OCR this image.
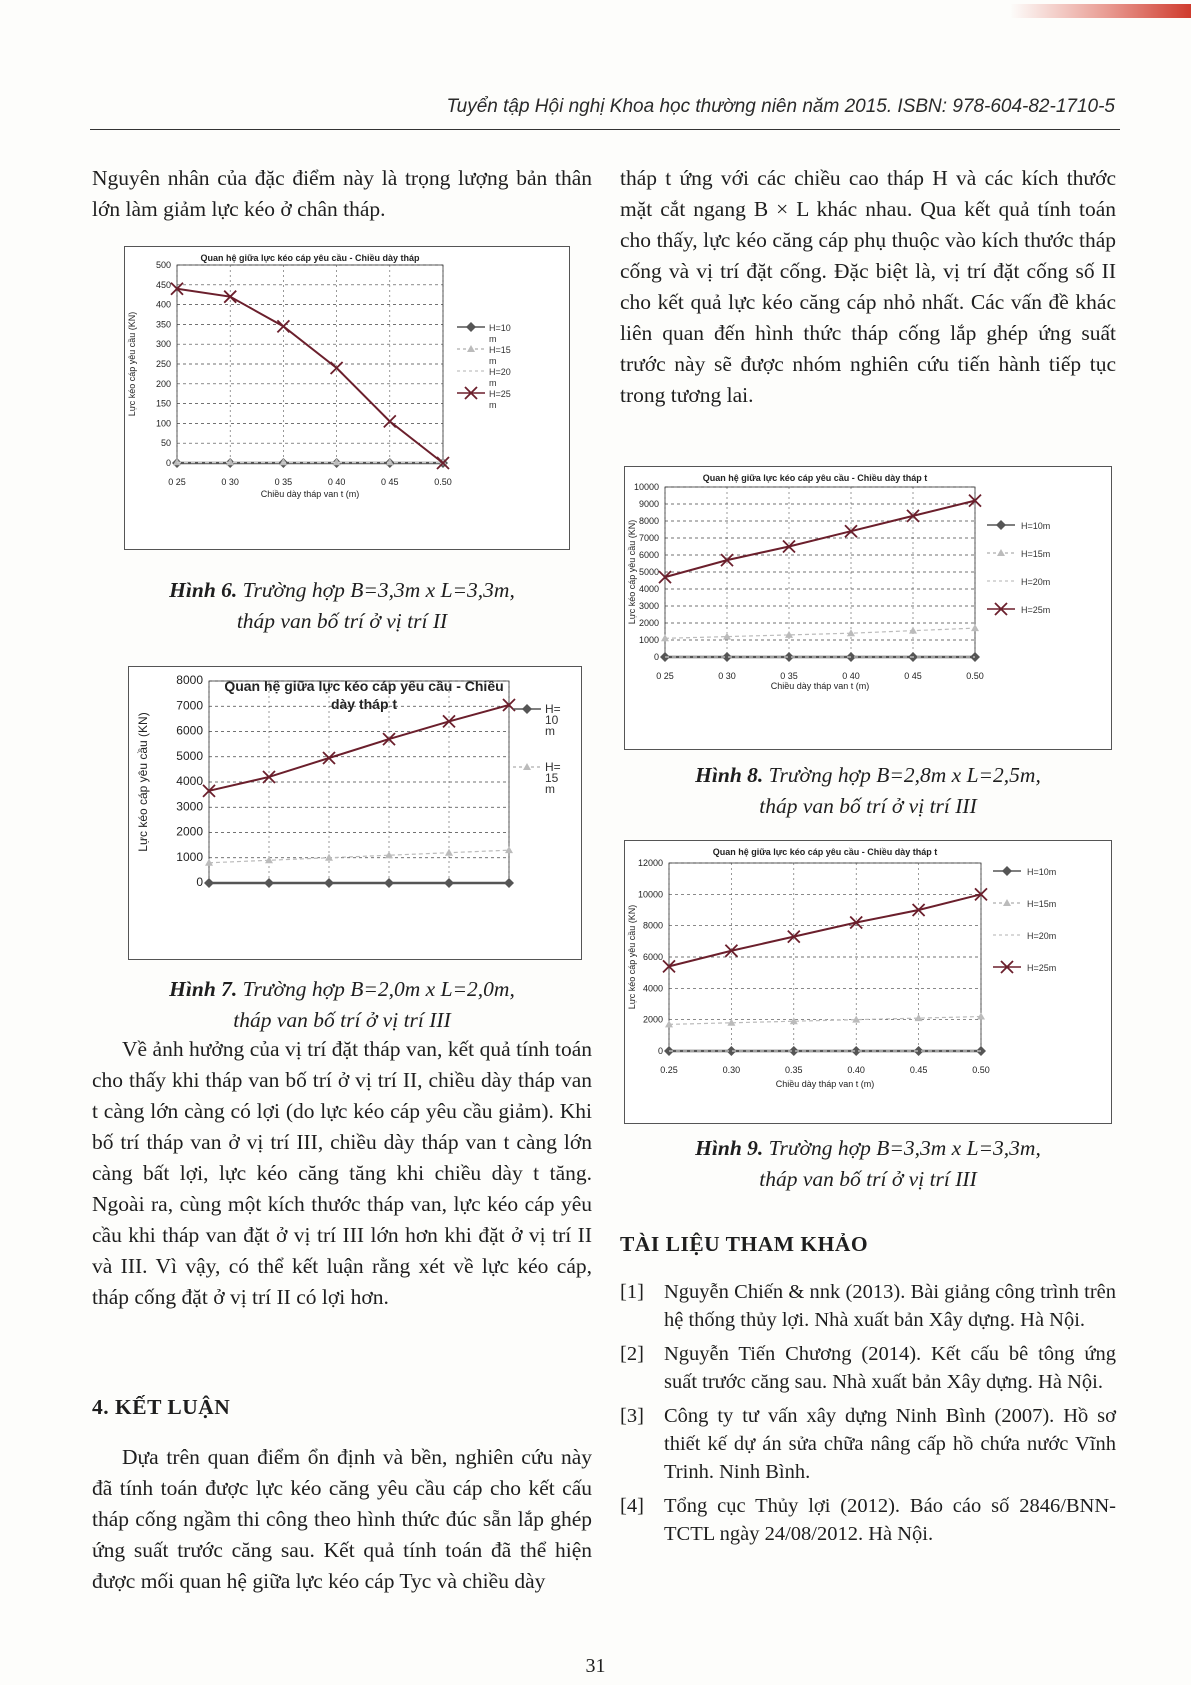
Tuyển tập Hội nghị Khoa học thường niên năm 2015. ISBN: 978-604-82-1710-5

Nguyên nhân của đặc điểm này là trọng lượng bản thân lớn làm giảm lực kéo ở chân tháp.

Quan hệ giữa lực kéo cáp yêu cầu - Chiều dày tháp
0
50
100
150
200
250
300
350
400
450
500
0 25	0 30	0 35	0 40	0 45	0.50
Chiều dày tháp van t (m)
Lực kéo cáp yêu cầu (KN)	H=10
m
H=15
m
H=20
m
H=25
m
Hình 6. Trường hợp B=3,3m x L=3,3m,
tháp van bố trí ở vị trí II
Quan hệ giữa lực kéo cáp yêu cầu - Chiều
dày tháp t
0
1000
2000
3000
4000
5000
6000
7000
8000
Lực kéo cáp yêu cầu (KN)
H=
10
m
H=
15
m
Hình 7. Trường hợp B=2,0m x L=2,0m,
tháp van bố trí ở vị trí III

Về ảnh hưởng của vị trí đặt tháp van, kết quả tính toán cho thấy khi tháp van bố trí ở vị trí II, chiều dày tháp van t càng lớn càng có lợi (do lực kéo cáp yêu cầu giảm). Khi bố trí tháp van ở vị trí III, chiều dày tháp van t càng lớn càng bất lợi, lực kéo căng tăng khi chiều dày t tăng. Ngoài ra, cùng một kích thước tháp van, lực kéo cáp yêu cầu khi tháp van đặt ở vị trí III lớn hơn khi đặt ở vị trí II và III. Vì vậy, có thể kết luận rằng xét về lực kéo cáp, tháp cống đặt ở vị trí II có lợi hơn.

4. KẾT LUẬN

Dựa trên quan điểm ổn định và bền, nghiên cứu này đã tính toán được lực kéo căng yêu cầu cáp cho kết cấu tháp cống ngầm thi công theo hình thức đúc sẵn lắp ghép ứng suất trước căng sau. Kết quả tính toán đã thể hiện được mối quan hệ giữa lực kéo cáp Tyc và chiều dày

tháp t ứng với các chiều cao tháp H và các kích thước mặt cắt ngang B × L khác nhau. Qua kết quả tính toán cho thấy, lực kéo căng cáp phụ thuộc vào kích thước tháp cống và vị trí đặt cống. Đặc biệt là, vị trí đặt cống số II cho kết quả lực kéo căng cáp nhỏ nhất. Các vấn đề khác liên quan đến hình thức tháp cống lắp ghép ứng suất trước này sẽ được nhóm nghiên cứu tiến hành tiếp tục trong tương lai.

Quan hệ giữa lực kéo cáp yêu cầu - Chiều dày tháp t
0
1000
2000
3000
4000
5000
6000
7000
8000
9000
10000
0 25	0 30	0 35	0 40	0 45	0.50
Chiều dày tháp van t (m)
Lực kéo cáp yêu cầu (KN)	H=10m
H=15m
H=20m
H=25m
Hình 8. Trường hợp B=2,8m x L=2,5m,
tháp van bố trí ở vị trí III
Quan hệ giữa lực kéo cáp yêu cầu - Chiều dày tháp t
0
2000
4000
6000
8000
10000
12000
0.25	0.30	0.35	0.40	0.45	0.50
Chiều dày tháp van t (m)
Lực kéo cáp yêu cầu (KN)
H=10m
H=15m
H=20m
H=25m
Hình 9. Trường hợp B=3,3m x L=3,3m,
tháp van bố trí ở vị trí III
TÀI LIỆU THAM KHẢO
[1] Nguyễn Chiến & nnk (2013). Bài giảng công trình trên hệ thống thủy lợi. Nhà xuất bản Xây dựng. Hà Nội.
[2] Nguyễn Tiến Chương (2014). Kết cấu bê tông ứng suất trước căng sau. Nhà xuất bản Xây dựng. Hà Nội.
[3] Công ty tư vấn xây dựng Ninh Bình (2007). Hồ sơ thiết kế dự án sửa chữa nâng cấp hồ chứa nước Vĩnh Trinh. Ninh Bình.
[4] Tổng cục Thủy lợi (2012). Báo cáo số 2846/BNN-TCTL ngày 24/08/2012. Hà Nội.
31
